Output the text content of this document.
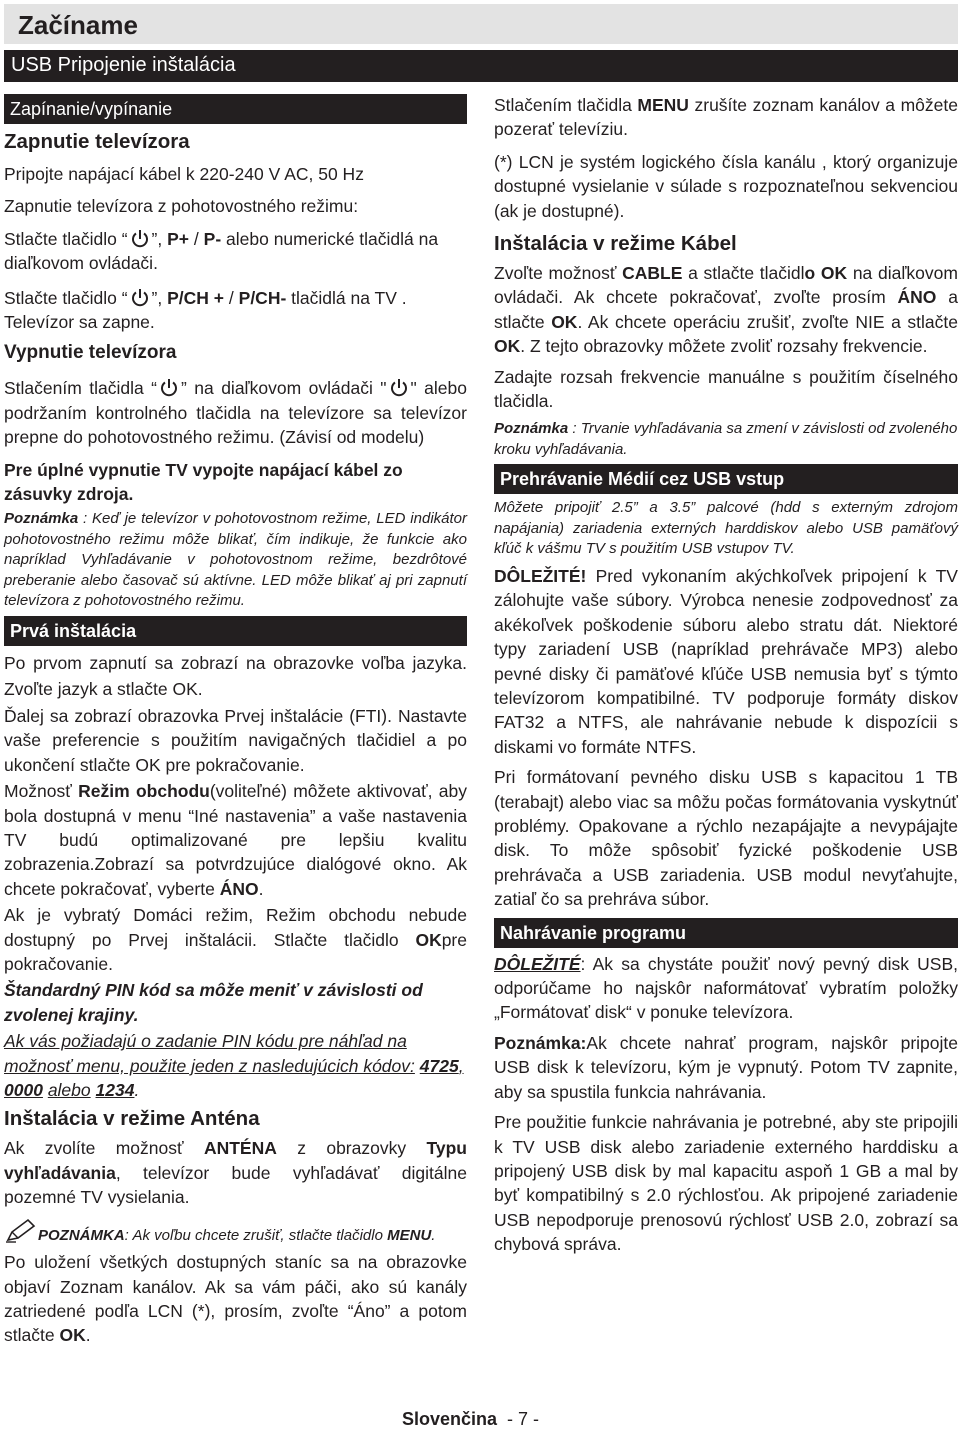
Začíname
USB Pripojenie inštalácia
Zapínanie/vypínanie
Zapnutie televízora
Pripojte napájací kábel k 220-240 V AC, 50 Hz
Zapnutie televízora z pohotovostného režimu:
Stlačte tlačidlo “ ”, P+ / P- alebo numerické tlačidlá na diaľkovom ovládači.
Stlačte tlačidlo “ ”, P/CH + / P/CH- tlačidlá na TV . Televízor sa zapne.
Vypnutie televízora
Stlačením tlačidla “ ” na diaľkovom ovládači " " alebo podržaním kontrolného tlačidla na televízore sa televízor prepne do pohotovostného režimu. (Závisí od modelu)
Pre úplné vypnutie TV vypojte napájací kábel zo zásuvky zdroja.
Poznámka : Keď je televízor v pohotovostnom režime, LED indikátor pohotovostného režimu môže blikať, čím indikuje, že funkcie ako napríklad Vyhľadávanie v pohotovostnom režime, bezdrôtové preberanie alebo časovač sú aktívne. LED môže blikať aj pri zapnutí televízora z pohotovostného režimu.
Prvá inštalácia
Po prvom zapnutí sa zobrazí na obrazovke voľba jazyka. Zvoľte jazyk a stlačte OK.
Ďalej sa zobrazí obrazovka Prvej inštalácie (FTI). Nastavte vaše preferencie s použitím navigačných tlačidiel a po ukončení stlačte OK pre pokračovanie.
Možnosť Režim obchodu(voliteľné) môžete aktivovať, aby bola dostupná v menu “Iné nastavenia” a vaše nastavenia TV budú optimalizované pre lepšiu kvalitu zobrazenia.Zobrazí sa potvrdzujúce dialógové okno. Ak chcete pokračovať, vyberte ÁNO.
Ak je vybratý Domáci režim, Režim obchodu nebude dostupný po Prvej inštalácii. Stlačte tlačidlo OKpre pokračovanie.
Štandardný PIN kód sa môže meniť v závislosti od zvolenej krajiny.
Ak vás požiadajú o zadanie PIN kódu pre náhľad na možnosť menu, použite jeden z nasledujúcich kódov: 4725, 0000 alebo 1234.
Inštalácia v režime Anténa
Ak zvolíte možnosť ANTÉNA z obrazovky Typu vyhľadávania, televízor bude vyhľadávať digitálne pozemné TV vysielania.
POZNÁMKA: Ak voľbu chcete zrušiť, stlačte tlačidlo MENU.
Po uložení všetkých dostupných staníc sa na obrazovke objaví Zoznam kanálov. Ak sa vám páči, ako sú kanály zatriedené podľa LCN (*), prosím, zvoľte “Áno” a potom stlačte OK.
Stlačením tlačidla MENU zrušíte zoznam kanálov a môžete pozerať televíziu.
(*) LCN je systém logického čísla kanálu , ktorý organizuje dostupné vysielanie v súlade s rozpoznateľnou sekvenciou (ak je dostupné).
Inštalácia v režime Kábel
Zvoľte možnosť CABLE a stlačte tlačidlo OK na diaľkovom ovládači. Ak chcete pokračovať, zvoľte prosím ÁNO a stlačte OK. Ak chcete operáciu zrušiť, zvoľte NIE a stlačte OK. Z tejto obrazovky môžete zvoliť rozsahy frekvencie.
Zadajte rozsah frekvencie manuálne s použitím číselného tlačidla.
Poznámka : Trvanie vyhľadávania sa zmení v závislosti od zvoleného kroku vyhľadávania.
Prehrávanie Médií cez USB vstup
Môžete pripojiť 2.5” a 3.5” palcové (hdd s externým zdrojom napájania) zariadenia externých harddiskov alebo USB pamäťový kľúč k vášmu TV s použitím USB vstupov TV.
DÔLEŽITÉ! Pred vykonaním akýchkoľvek pripojení k TV zálohujte vaše súbory. Výrobca nenesie zodpovednosť za akékoľvek poškodenie súboru alebo stratu dát. Niektoré typy zariadení USB (napríklad prehrávače MP3) alebo pevné disky či pamäťové kľúče USB nemusia byť s týmto televízorom kompatibilné. TV podporuje formáty diskov FAT32 a NTFS, ale nahrávanie nebude k dispozícii s diskami vo formáte NTFS.
Pri formátovaní pevného disku USB s kapacitou 1 TB (terabajt) alebo viac sa môžu počas formátovania vyskytnúť problémy. Opakovane a rýchlo nezapájajte a nevypájajte disk. To môže spôsobiť fyzické poškodenie USB prehrávača a USB zariadenia. USB modul nevyťahujte, zatiaľ čo sa prehráva súbor.
Nahrávanie programu
DÔLEŽITÉ: Ak sa chystáte použiť nový pevný disk USB, odporúčame ho najskôr naformátovať vybratím položky „Formátovať disk“ v ponuke televízora.
Poznámka:Ak chcete nahrať program, najskôr pripojte USB disk k televízoru, kým je vypnutý. Potom TV zapnite, aby sa spustila funkcia nahrávania.
Pre použitie funkcie nahrávania je potrebné, aby ste pripojili k TV USB disk alebo zariadenie externého harddisku a pripojený USB disk by mal kapacitu aspoň 1 GB a mal by byť kompatibilný s 2.0 rýchlosťou. Ak pripojené zariadenie USB nepodporuje prenosovú rýchlosť USB 2.0, zobrazí sa chybová správa.
Slovenčina - 7 -
